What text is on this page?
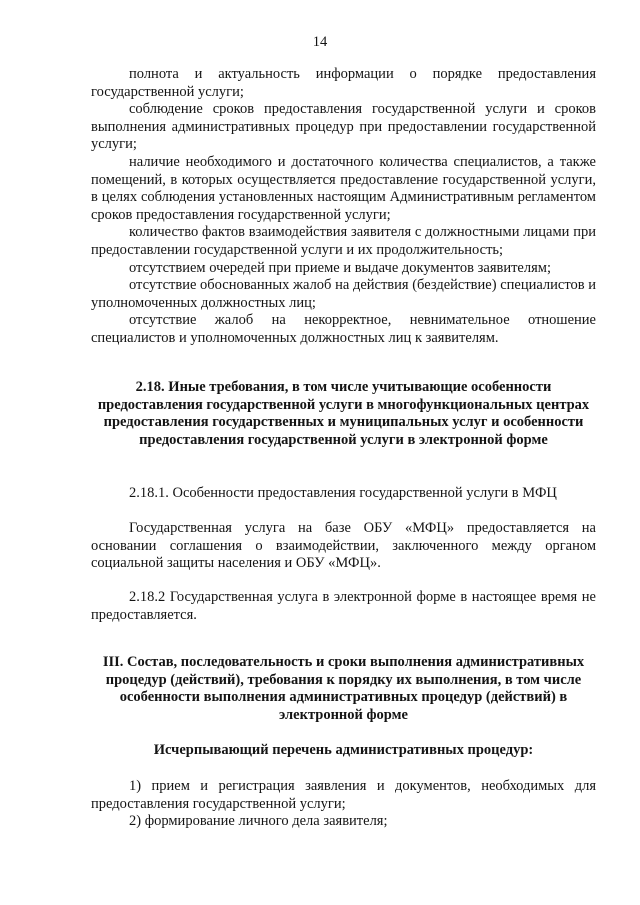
14

полнота и актуальность информации о порядке предоставления государственной услуги;

соблюдение сроков предоставления государственной услуги и сроков выполнения административных процедур при предоставлении государственной услуги;

наличие необходимого и достаточного количества специалистов, а также помещений, в которых осуществляется предоставление государственной услуги, в целях соблюдения установленных настоящим Административным регламентом сроков предоставления государственной услуги;

количество фактов взаимодействия заявителя с должностными лицами при предоставлении государственной услуги и их продолжительность;

отсутствием очередей при приеме и выдаче документов заявителям;

отсутствие обоснованных жалоб на действия (бездействие) специалистов и уполномоченных должностных лиц;

отсутствие жалоб на некорректное, невнимательное отношение специалистов и уполномоченных должностных лиц к заявителям.

2.18. Иные требования, в том числе учитывающие особенности предоставления государственной услуги в многофункциональных центрах предоставления государственных и муниципальных услуг и особенности предоставления государственной услуги в электронной форме

2.18.1. Особенности предоставления государственной услуги в МФЦ

Государственная услуга на базе ОБУ «МФЦ» предоставляется на основании соглашения о взаимодействии, заключенного между органом социальной защиты населения и ОБУ «МФЦ».

2.18.2 Государственная услуга в электронной форме в настоящее время не предоставляется.

III. Состав, последовательность и сроки выполнения административных процедур (действий), требования к порядку их выполнения, в том числе особенности выполнения административных процедур (действий) в электронной форме

Исчерпывающий перечень административных процедур:

1) прием и регистрация заявления и документов, необходимых для предоставления государственной услуги;

2) формирование личного дела заявителя;
